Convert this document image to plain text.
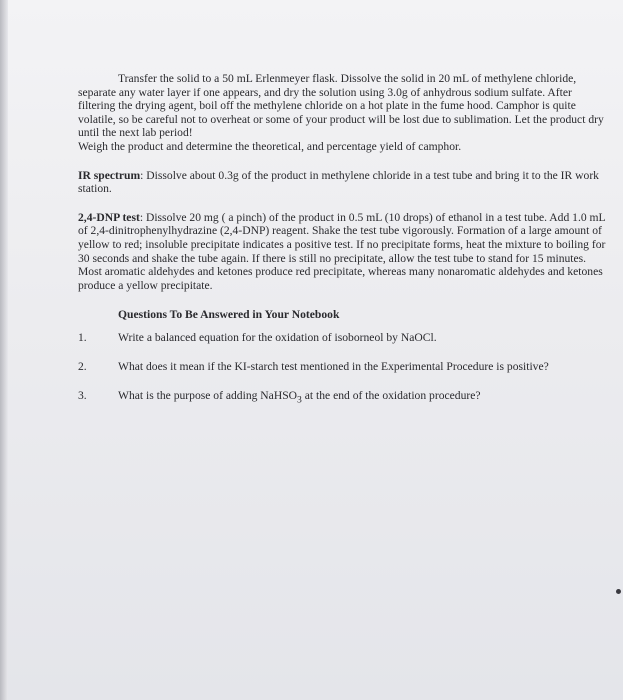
Transfer the solid to a 50 mL Erlenmeyer flask. Dissolve the solid in 20 mL of methylene chloride, separate any water layer if one appears, and dry the solution using 3.0g of anhydrous sodium sulfate. After filtering the drying agent, boil off the methylene chloride on a hot plate in the fume hood. Camphor is quite volatile, so be careful not to overheat or some of your product will be lost due to sublimation. Let the product dry until the next lab period!

Weigh the product and determine the theoretical, and percentage yield of camphor.

IR spectrum: Dissolve about 0.3g of the product in methylene chloride in a test tube and bring it to the IR work station.

2,4-DNP test: Dissolve 20 mg ( a pinch) of the product in 0.5 mL (10 drops) of ethanol in a test tube. Add 1.0 mL of 2,4-dinitrophenylhydrazine (2,4-DNP) reagent. Shake the test tube vigorously. Formation of a large amount of yellow to red; insoluble precipitate indicates a positive test. If no precipitate forms, heat the mixture to boiling for 30 seconds and shake the tube again. If there is still no precipitate, allow the test tube to stand for 15 minutes.

Most aromatic aldehydes and ketones produce red precipitate, whereas many nonaromatic aldehydes and ketones produce a yellow precipitate.

Questions To Be Answered in Your Notebook
1.	Write a balanced equation for the oxidation of isoborneol by NaOCl.
2.	What does it mean if the KI-starch test mentioned in the Experimental Procedure is positive?
3.	What is the purpose of adding NaHSO$_3$ at the end of the oxidation procedure?
